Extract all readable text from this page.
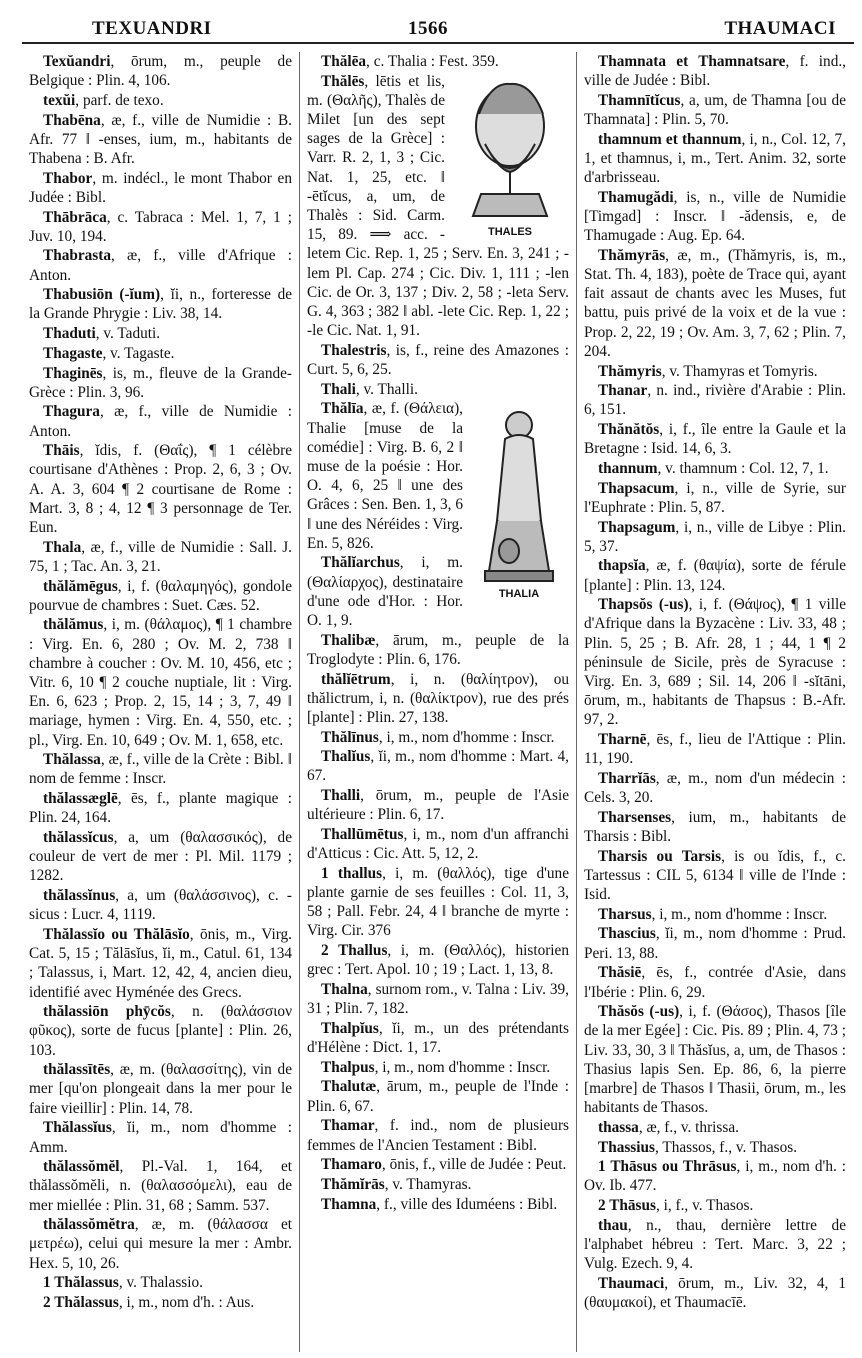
TEXUANDRI	1566	THAUMACI

Texŭandri, ōrum, m., peuple de Belgique : Plin. 4, 106.

texŭi, parf. de texo.

Thabēna, æ, f., ville de Numidie : B. Afr. 77 ‖ -enses, ium, m., habitants de Thabena : B. Afr.

Thabor, m. indécl., le mont Thabor en Judée : Bibl.

Thābrāca, c. Tabraca : Mel. 1, 7, 1 ; Juv. 10, 194.

Thabrasta, æ, f., ville d'Afrique : Anton.

Thabusiōn (-ĭum), ĭi, n., forteresse de la Grande Phrygie : Liv. 38, 14.

Thaduti, v. Taduti.

Thagaste, v. Tagaste.

Thaginēs, is, m., fleuve de la Grande-Grèce : Plin. 3, 96.

Thagura, æ, f., ville de Numidie : Anton.

Thāis, ĭdis, f. (Θαΐς), ¶ 1 célèbre courtisane d'Athènes : Prop. 2, 6, 3 ; Ov. A. A. 3, 604 ¶ 2 courtisane de Rome : Mart. 3, 8 ; 4, 12 ¶ 3 personnage de Ter. Eun.

Thala, æ, f., ville de Numidie : Sall. J. 75, 1 ; Tac. An. 3, 21.

thălămēgus, i, f. (θαλαμηγός), gondole pourvue de chambres : Suet. Cæs. 52.

thălămus, i, m. (θάλαμος), ¶ 1 chambre : Virg. En. 6, 280 ; Ov. M. 2, 738 ‖ chambre à coucher : Ov. M. 10, 456, etc ; Vitr. 6, 10 ¶ 2 couche nuptiale, lit : Virg. En. 6, 623 ; Prop. 2, 15, 14 ; 3, 7, 49 ‖ mariage, hymen : Virg. En. 4, 550, etc. ; pl., Virg. En. 10, 649 ; Ov. M. 1, 658, etc.

Thălassa, æ, f., ville de la Crète : Bibl. ‖ nom de femme : Inscr.

thălassæglē, ēs, f., plante magique : Plin. 24, 164.

thălassĭcus, a, um (θαλασσικός), de couleur de vert de mer : Pl. Mil. 1179 ; 1282.

thălassĭnus, a, um (θαλάσσινος), c. -sicus : Lucr. 4, 1119.

Thălassĭo ou Thălāsĭo, ōnis, m., Virg. Cat. 5, 15 ; Tălāsĭus, ĭi, m., Catul. 61, 134 ; Talassus, i, Mart. 12, 42, 4, ancien dieu, identifié avec Hyménée des Grecs.

thălassiōn phȳcŏs, n. (θαλάσσιον φῦκος), sorte de fucus [plante] : Plin. 26, 103.

thălassītēs, æ, m. (θαλασσίτης), vin de mer [qu'on plongeait dans la mer pour le faire vieillir] : Plin. 14, 78.

Thălassĭus, ĭi, m., nom d'homme : Amm.

thălassŏmĕl, Pl.-Val. 1, 164, et thălassŏmĕli, n. (θαλασσόμελι), eau de mer miellée : Plin. 31, 68 ; Samm. 537.

thălassŏmĕtra, æ, m. (θάλασσα et μετρέω), celui qui mesure la mer : Ambr. Hex. 5, 10, 26.

1 Thălassus, v. Thalassio.

2 Thălassus, i, m., nom d'h. : Aus.

Thălēa, c. Thalia : Fest. 359.

THALES

Thălēs, lētis et lis, m. (Θαλῆς), Thalès de Milet [un des sept sages de la Grèce] : Varr. R. 2, 1, 3 ; Cic. Nat. 1, 25, etc. ‖ -ētĭcus, a, um, de Thalès : Sid. Carm. 15, 89. ⟹ acc. -letem Cic. Rep. 1, 25 ; Serv. En. 3, 241 ; -lem Pl. Cap. 274 ; Cic. Div. 1, 111 ; -len Cic. de Or. 3, 137 ; Div. 2, 58 ; -leta Serv. G. 4, 363 ; 382 ‖ abl. -lete Cic. Rep. 1, 22 ; -le Cic. Nat. 1, 91.

Thalestris, is, f., reine des Amazones : Curt. 5, 6, 25.

Thali, v. Thalli.

THALIA

Thălīa, æ, f. (Θάλεια), Thalie [muse de la comédie] : Virg. B. 6, 2 ‖ muse de la poésie : Hor. O. 4, 6, 25 ‖ une des Grâces : Sen. Ben. 1, 3, 6 ‖ une des Néréides : Virg. En. 5, 826.

Thălĭarchus, i, m. (Θαλίαρχος), destinataire d'une ode d'Hor. : Hor. O. 1, 9.

Thalibæ, ārum, m., peuple de la Troglodyte : Plin. 6, 176.

thălĭētrum, i, n. (θαλίητρον), ou thălictrum, i, n. (θαλίκτρον), rue des prés [plante] : Plin. 27, 138.

Thălīnus, i, m., nom d'homme : Inscr.

Thalĭus, ĭi, m., nom d'homme : Mart. 4, 67.

Thalli, ōrum, m., peuple de l'Asie ultérieure : Plin. 6, 17.

Thallūmētus, i, m., nom d'un affranchi d'Atticus : Cic. Att. 5, 12, 2.

1 thallus, i, m. (θαλλός), tige d'une plante garnie de ses feuilles : Col. 11, 3, 58 ; Pall. Febr. 24, 4 ‖ branche de myrte : Virg. Cir. 376

2 Thallus, i, m. (Θαλλός), historien grec : Tert. Apol. 10 ; 19 ; Lact. 1, 13, 8.

Thalna, surnom rom., v. Talna : Liv. 39, 31 ; Plin. 7, 182.

Thalpĭus, ĭi, m., un des prétendants d'Hélène : Dict. 1, 17.

Thalpus, i, m., nom d'homme : Inscr.

Thalutæ, ārum, m., peuple de l'Inde : Plin. 6, 67.

Thamar, f. ind., nom de plusieurs femmes de l'Ancien Testament : Bibl.

Thamaro, ōnis, f., ville de Judée : Peut.

Thămĭrās, v. Thamyras.

Thamna, f., ville des Iduméens : Bibl.

Thamnata et Thamnatsare, f. ind., ville de Judée : Bibl.

Thamnītĭcus, a, um, de Thamna [ou de Thamnata] : Plin. 5, 70.

thamnum et thannum, i, n., Col. 12, 7, 1, et thamnus, i, m., Tert. Anim. 32, sorte d'arbrisseau.

Thamugădi, is, n., ville de Numidie [Timgad] : Inscr. ‖ -ădensis, e, de Thamugade : Aug. Ep. 64.

Thămyrās, æ, m., (Thămyris, is, m., Stat. Th. 4, 183), poète de Trace qui, ayant fait assaut de chants avec les Muses, fut battu, puis privé de la voix et de la vue : Prop. 2, 22, 19 ; Ov. Am. 3, 7, 62 ; Plin. 7, 204.

Thămyris, v. Thamyras et Tomyris.

Thanar, n. ind., rivière d'Arabie : Plin. 6, 151.

Thănătŏs, i, f., île entre la Gaule et la Bretagne : Isid. 14, 6, 3.

thannum, v. thamnum : Col. 12, 7, 1.

Thapsacum, i, n., ville de Syrie, sur l'Euphrate : Plin. 5, 87.

Thapsagum, i, n., ville de Libye : Plin. 5, 37.

thapsĭa, æ, f. (θαψία), sorte de férule [plante] : Plin. 13, 124.

Thapsŏs (-us), i, f. (Θάψος), ¶ 1 ville d'Afrique dans la Byzacène : Liv. 33, 48 ; Plin. 5, 25 ; B. Afr. 28, 1 ; 44, 1 ¶ 2 péninsule de Sicile, près de Syracuse : Virg. En. 3, 689 ; Sil. 14, 206 ‖ -sĭtāni, ōrum, m., habitants de Thapsus : B.-Afr. 97, 2.

Tharnē, ēs, f., lieu de l'Attique : Plin. 11, 190.

Tharrĭās, æ, m., nom d'un médecin : Cels. 3, 20.

Tharsenses, ium, m., habitants de Tharsis : Bibl.

Tharsis ou Tarsis, is ou ĭdis, f., c. Tartessus : CIL 5, 6134 ‖ ville de l'Inde : Isid.

Tharsus, i, m., nom d'homme : Inscr.

Thascius, ĭi, m., nom d'homme : Prud. Peri. 13, 88.

Thăsiē, ēs, f., contrée d'Asie, dans l'Ibérie : Plin. 6, 29.

Thăsŏs (-us), i, f. (Θάσος), Thasos [île de la mer Egée] : Cic. Pis. 89 ; Plin. 4, 73 ; Liv. 33, 30, 3 ‖ Thăsĭus, a, um, de Thasos : Thasius lapis Sen. Ep. 86, 6, la pierre [marbre] de Thasos ‖ Thasii, ōrum, m., les habitants de Thasos.

thassa, æ, f., v. thrissa.

Thassius, Thassos, f., v. Thasos.

1 Thāsus ou Thrāsus, i, m., nom d'h. : Ov. Ib. 477.

2 Thāsus, i, f., v. Thasos.

thau, n., thau, dernière lettre de l'alphabet hébreu : Tert. Marc. 3, 22 ; Vulg. Ezech. 9, 4.

Thaumaci, ōrum, m., Liv. 32, 4, 1 (θαυμακοί), et Thaumacīē.
